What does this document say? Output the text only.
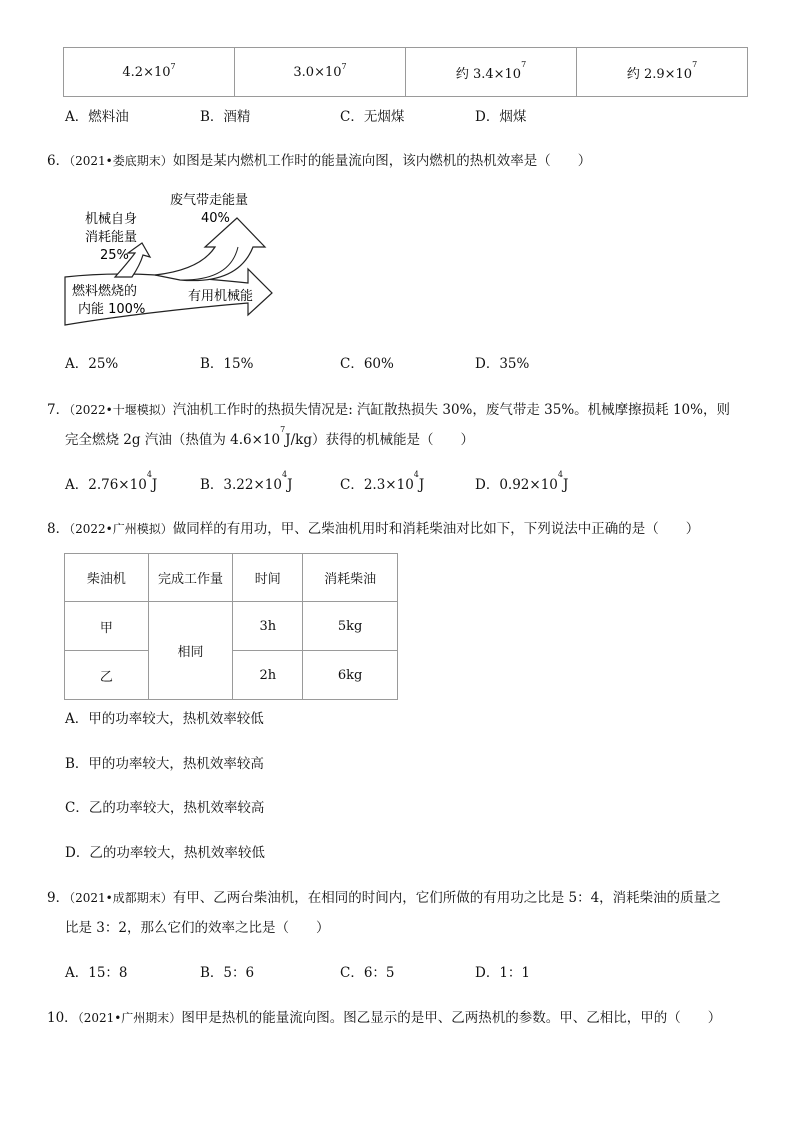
$4.2\times 10^7$	$3.0\times 10^7$	约 $3.4\times 10^7$	约 $2.9\times 10^7$
A．燃料油	B．酒精	C．无烟煤	D．烟煤
6．（2021•娄底期末）如图是某内燃机工作时的能量流向图，该内燃机的热机效率是（　　）
废气带走能量
40%
机械自身
消耗能量
25%
燃料燃烧的
内能 100%
有用机械能
A．25%	B．15%	C．60%	D．35%
7．（2022•十堰模拟）汽油机工作时的热损失情况是: 汽缸散热损失 30%，废气带走 35%。机械摩擦损耗 10%，则
完全燃烧 2g 汽油（热值为 $4.6\times 10^7J/kg$）获得的机械能是（　　）
A．$2.76\times 10^4J$	B．$3.22\times 10^4J$	C．$2.3\times 10^4J$	D．$0.92\times 10^4J$
8．（2022•广州模拟）做同样的有用功，甲、乙柴油机用时和消耗柴油对比如下，下列说法中正确的是（　　）
柴油机	完成工作量	时间	消耗柴油
甲	相同	3h	5kg
乙		2h	6kg
A．甲的功率较大，热机效率较低
B．甲的功率较大，热机效率较高
C．乙的功率较大，热机效率较高
D．乙的功率较大，热机效率较低
9．（2021•成都期末）有甲、乙两台柴油机，在相同的时间内，它们所做的有用功之比是 5：4，消耗柴油的质量之
比是 3：2，那么它们的效率之比是（　　）
A．15：8	B．5：6	C．6：5	D．1：1
10．（2021•广州期末）图甲是热机的能量流向图。图乙显示的是甲、乙两热机的参数。甲、乙相比，甲的（　　）
